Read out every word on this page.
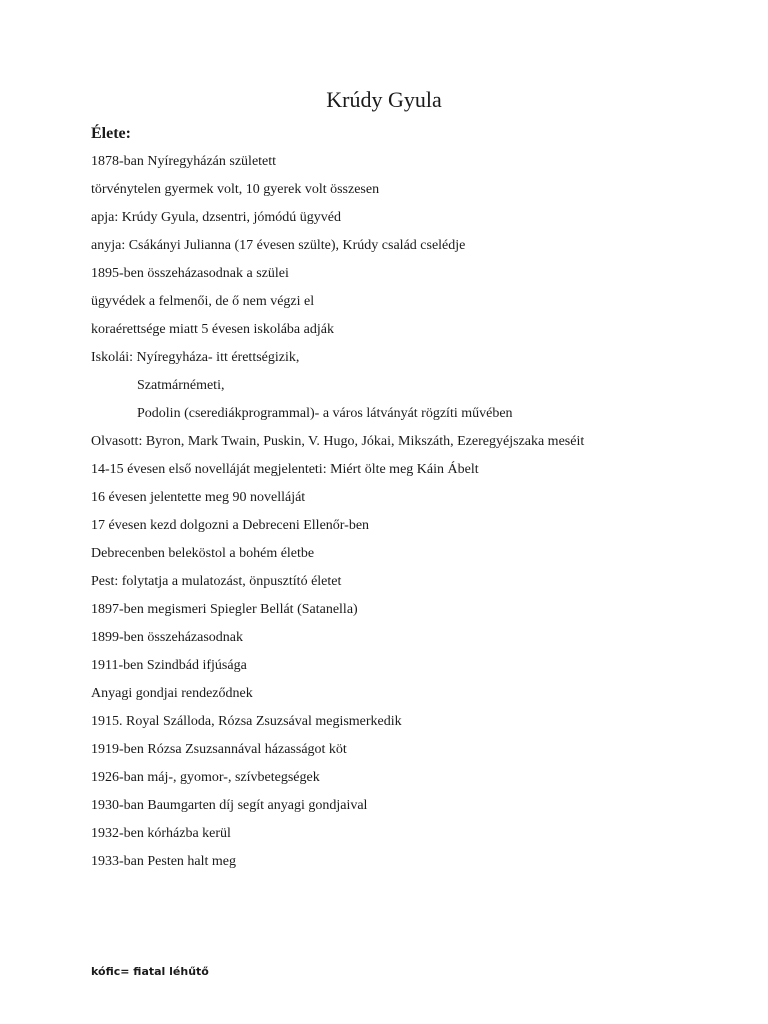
Krúdy Gyula
Élete:
1878-ban Nyíregyházán született
törvénytelen gyermek volt, 10 gyerek volt összesen
apja: Krúdy Gyula, dzsentri, jómódú ügyvéd
anyja: Csákányi Julianna (17 évesen szülte), Krúdy család cselédje
1895-ben összeházasodnak a szülei
ügyvédek a felmenői, de ő nem végzi el
koraérettsége miatt 5 évesen iskolába adják
Iskolái: Nyíregyháza- itt érettségizik,
Szatmárnémeti,
Podolin (cserediákprogrammal)- a város látványát rögzíti művében
Olvasott: Byron, Mark Twain, Puskin, V. Hugo, Jókai, Mikszáth, Ezeregyéjszaka meséit
14-15 évesen első novelláját megjelenteti: Miért ölte meg Káin Ábelt
16 évesen jelentette meg 90 novelláját
17 évesen kezd dolgozni a Debreceni Ellenőr-ben
Debrecenben beleköstol a bohém életbe
Pest: folytatja a mulatozást, önpusztító életet
1897-ben megismeri Spiegler Bellát (Satanella)
1899-ben összeházasodnak
1911-ben Szindbád ifjúsága
Anyagi gondjai rendeződnek
1915. Royal Szálloda, Rózsa Zsuzsával megismerkedik
1919-ben Rózsa Zsuzsannával házasságot köt
1926-ban máj-, gyomor-, szívbetegségek
1930-ban Baumgarten díj segít anyagi gondjaival
1932-ben kórházba kerül
1933-ban Pesten halt meg
kófic= fiatal léhűtő
